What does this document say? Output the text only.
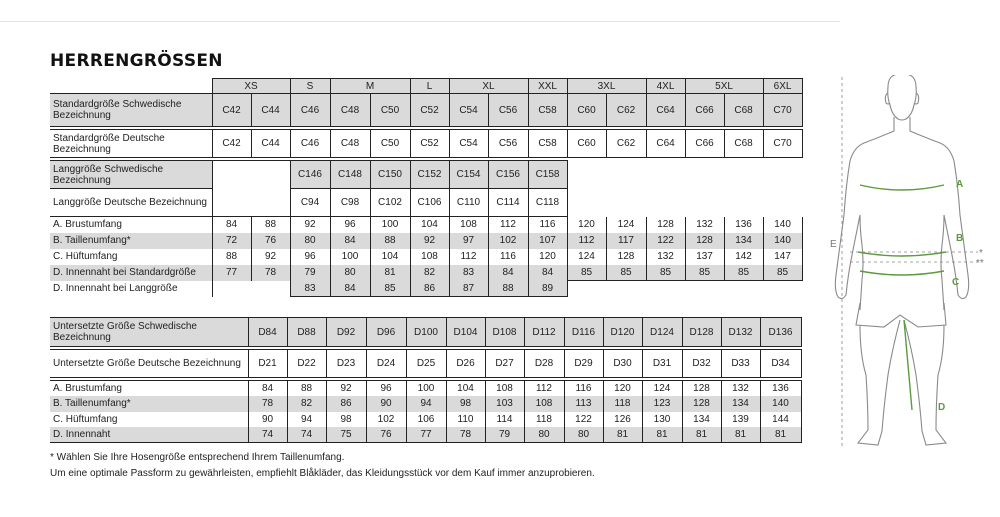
HERRENGRÖSSEN
	XS		S	M		L	XL		XXL	3XL		4XL	5XL		6XL
Standardgröße Schwedische Bezeichnung	C42	C44	C46	C48	C50	C52	C54	C56	C58	C60	C62	C64	C66	C68	C70

Standardgröße Deutsche Bezeichnung	C42	C44	C46	C48	C50	C52	C54	C56	C58	C60	C62	C64	C66	C68	C70

Langgröße Schwedische Bezeichnung			C146	C148	C150	C152	C154	C156	C158						
Langgröße Deutsche Bezeichnung			C94	C98	C102	C106	C110	C114	C118						
A. Brustumfang	84	88	92	96	100	104	108	112	116	120	124	128	132	136	140
B. Taillenumfang*	72	76	80	84	88	92	97	102	107	112	117	122	128	134	140
C. Hüftumfang	88	92	96	100	104	108	112	116	120	124	128	132	137	142	147
D. Innennaht bei Standardgröße	77	78	79	80	81	82	83	84	84	85	85	85	85	85	85
D. Innennaht bei Langgröße			83	84	85	86	87	88	89						
Untersetzte Größe Schwedische Bezeichnung	D84	D88	D92	D96	D100	D104	D108	D112	D116	D120	D124	D128	D132	D136

Untersetzte Größe Deutsche Bezeichnung	D21	D22	D23	D24	D25	D26	D27	D28	D29	D30	D31	D32	D33	D34

A. Brustumfang	84	88	92	96	100	104	108	112	116	120	124	128	132	136
B. Taillenumfang*	78	82	86	90	94	98	103	108	113	118	123	128	134	140
C. Hüftumfang	90	94	98	102	106	110	114	118	122	126	130	134	139	144
D. Innennaht	74	74	75	76	77	78	79	80	80	81	81	81	81	81
* Wählen Sie Ihre Hosengröße entsprechend Ihrem Taillenumfang.
Um eine optimale Passform zu gewährleisten, empfiehlt Blåkläder, das Kleidungsstück vor dem Kauf immer anzuprobieren.
A
B
C
D
E
*
**
